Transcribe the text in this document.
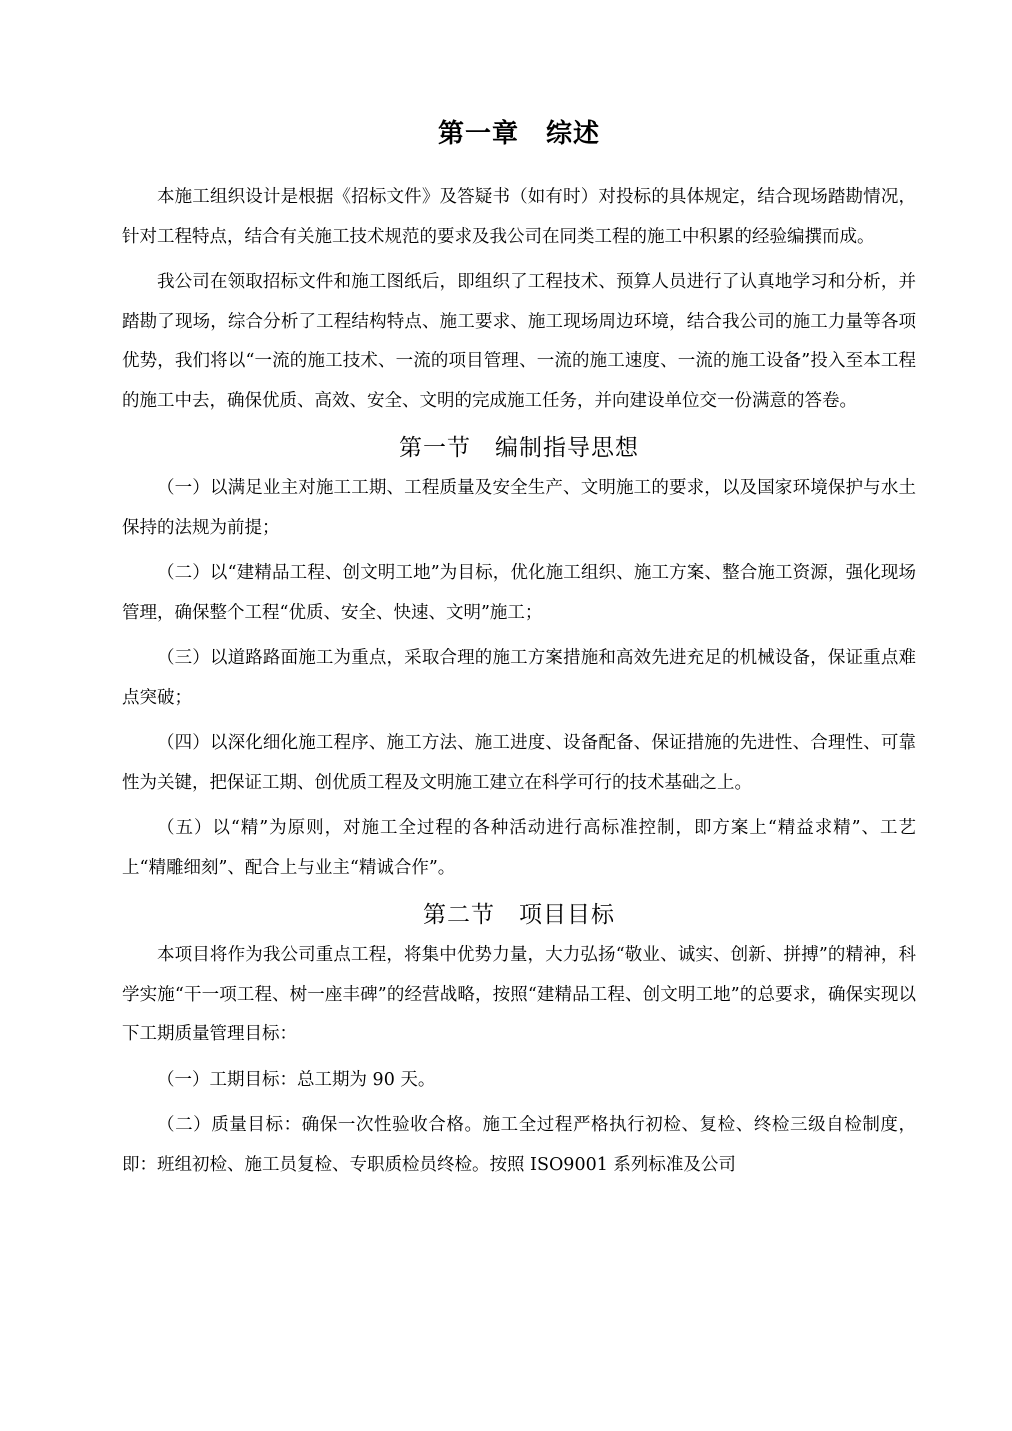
第一章　综述

本施工组织设计是根据《招标文件》及答疑书（如有时）对投标的具体规定，结合现场踏勘情况，针对工程特点，结合有关施工技术规范的要求及我公司在同类工程的施工中积累的经验编撰而成。

我公司在领取招标文件和施工图纸后，即组织了工程技术、预算人员进行了认真地学习和分析，并踏勘了现场，综合分析了工程结构特点、施工要求、施工现场周边环境，结合我公司的施工力量等各项优势，我们将以“一流的施工技术、一流的项目管理、一流的施工速度、一流的施工设备”投入至本工程的施工中去，确保优质、高效、安全、文明的完成施工任务，并向建设单位交一份满意的答卷。

第一节　编制指导思想

（一）以满足业主对施工工期、工程质量及安全生产、文明施工的要求，以及国家环境保护与水土保持的法规为前提；

（二）以“建精品工程、创文明工地”为目标，优化施工组织、施工方案、整合施工资源，强化现场管理，确保整个工程“优质、安全、快速、文明”施工；

（三）以道路路面施工为重点，采取合理的施工方案措施和高效先进充足的机械设备，保证重点难点突破；

（四）以深化细化施工程序、施工方法、施工进度、设备配备、保证措施的先进性、合理性、可靠性为关键，把保证工期、创优质工程及文明施工建立在科学可行的技术基础之上。

（五）以“精”为原则，对施工全过程的各种活动进行高标准控制，即方案上“精益求精”、工艺上“精雕细刻”、配合上与业主“精诚合作”。

第二节　项目目标

本项目将作为我公司重点工程，将集中优势力量，大力弘扬“敬业、诚实、创新、拼搏”的精神，科学实施“干一项工程、树一座丰碑”的经营战略，按照“建精品工程、创文明工地”的总要求，确保实现以下工期质量管理目标：

（一）工期目标：总工期为 90 天。

（二）质量目标：确保一次性验收合格。施工全过程严格执行初检、复检、终检三级自检制度，即：班组初检、施工员复检、专职质检员终检。按照 ISO9001 系列标准及公司
